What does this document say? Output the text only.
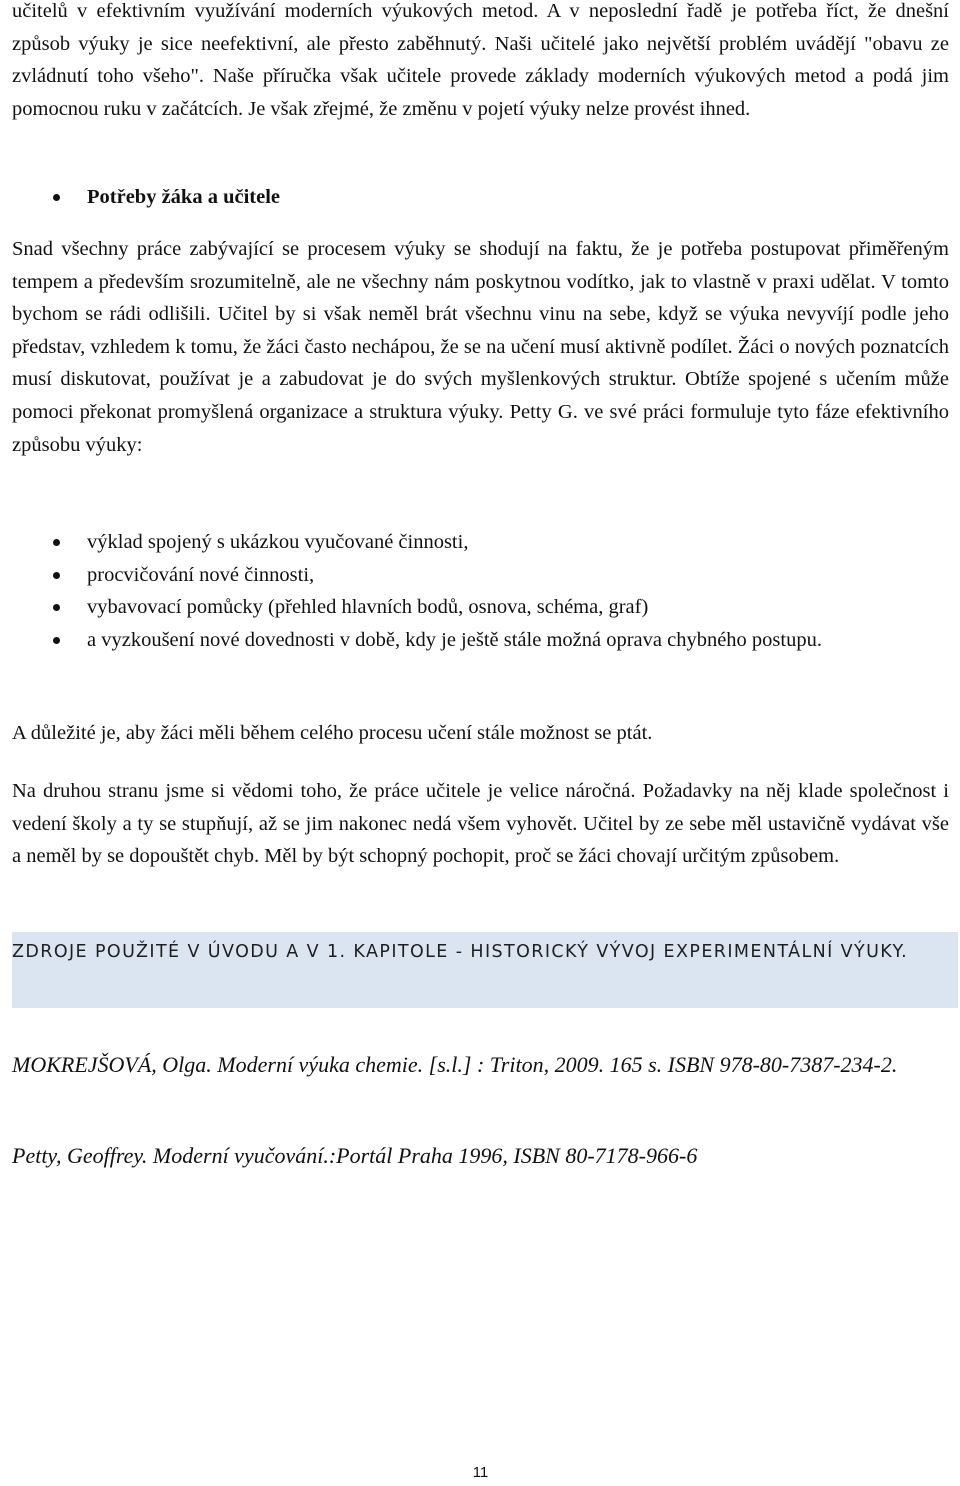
učitelů v efektivním využívání moderních výukových metod. A v neposlední řadě je potřeba říct, že dnešní způsob výuky je sice neefektivní, ale přesto zaběhnutý. Naši učitelé jako největší problém uvádějí "obavu ze zvládnutí toho všeho". Naše příručka však učitele provede základy moderních výukových metod a podá jim pomocnou ruku v začátcích. Je však zřejmé, že změnu v pojetí výuky nelze provést ihned.

Potřeby žáka a učitele

Snad všechny práce zabývající se procesem výuky se shodují na faktu, že je potřeba postupovat přiměřeným tempem a především srozumitelně, ale ne všechny nám poskytnou vodítko, jak to vlastně v praxi udělat. V tomto bychom se rádi odlišili. Učitel by si však neměl brát všechnu vinu na sebe, když se výuka nevyvíjí podle jeho představ, vzhledem k tomu, že žáci často nechápou, že se na učení musí aktivně podílet. Žáci o nových poznatcích musí diskutovat, používat je a zabudovat je do svých myšlenkových struktur. Obtíže spojené s učením může pomoci překonat promyšlená organizace a struktura výuky. Petty G. ve své práci formuluje tyto fáze efektivního způsobu výuky:

výklad spojený s ukázkou vyučované činnosti,
procvičování nové činnosti,
vybavovací pomůcky (přehled hlavních bodů, osnova, schéma, graf)
a vyzkoušení nové dovednosti v době, kdy je ještě stále možná oprava chybného postupu.

A důležité je, aby žáci měli během celého procesu učení stále možnost se ptát.

Na druhou stranu jsme si vědomi toho, že práce učitele je velice náročná. Požadavky na něj klade společnost i vedení školy a ty se stupňují, až se jim nakonec nedá všem vyhovět. Učitel by ze sebe měl ustavičně vydávat vše a neměl by se dopouštět chyb. Měl by být schopný pochopit, proč se žáci chovají určitým způsobem.

ZDROJE POUŽITÉ V ÚVODU A V 1. KAPITOLE - HISTORICKÝ VÝVOJ EXPERIMENTÁLNÍ VÝUKY.

MOKREJŠOVÁ, Olga. Moderní výuka chemie. [s.l.] : Triton, 2009. 165 s. ISBN 978-80-7387-234-2.

Petty, Geoffrey. Moderní vyučování.:Portál Praha 1996, ISBN 80-7178-966-6

11
